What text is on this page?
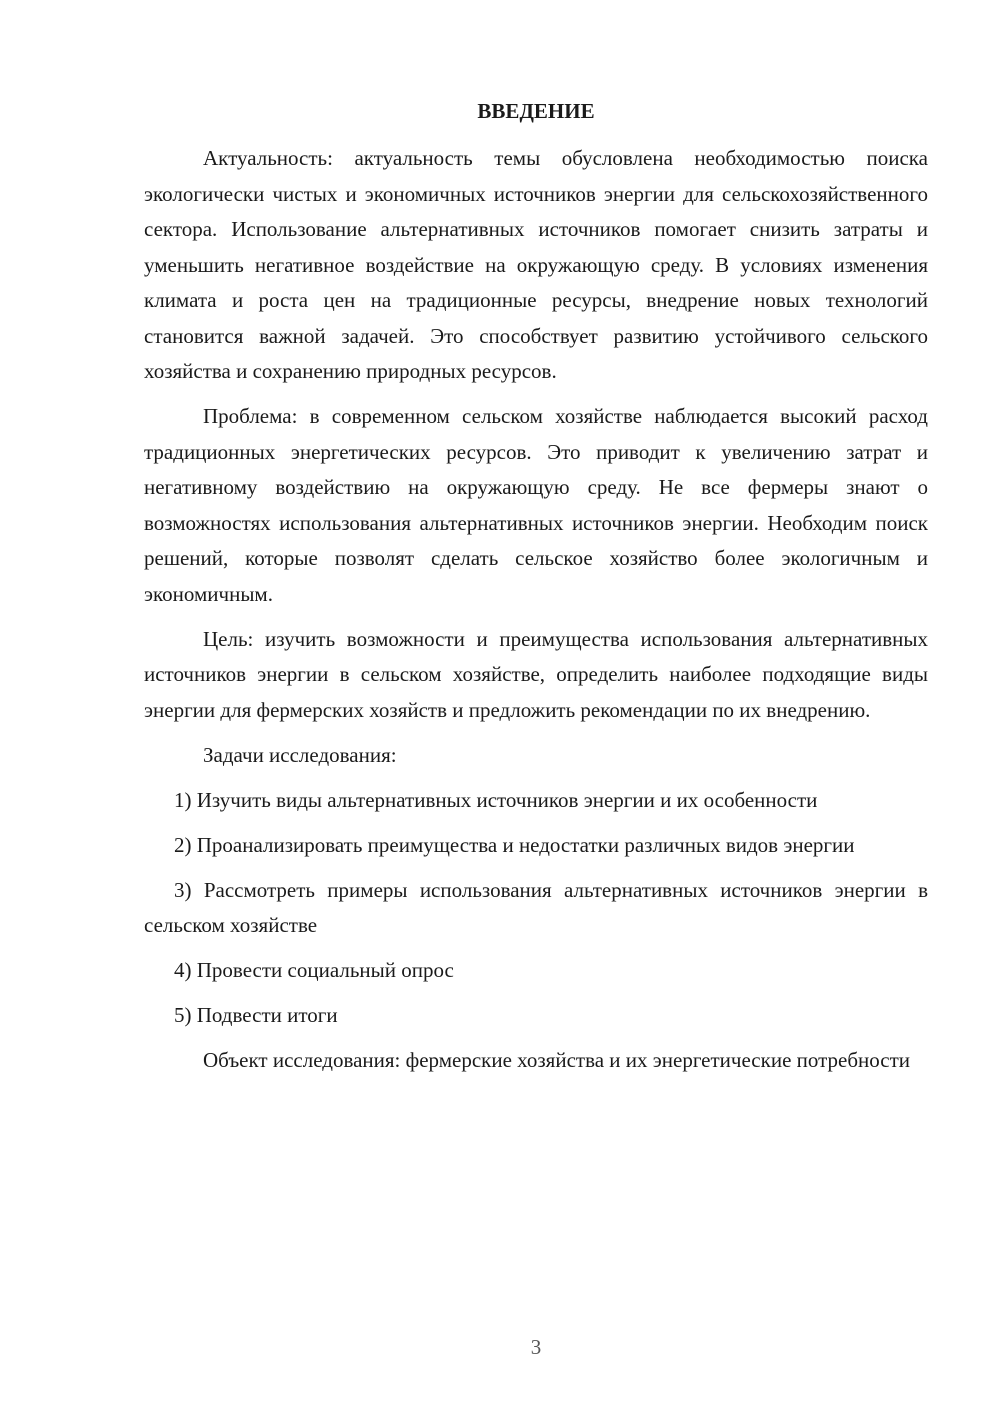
ВВЕДЕНИЕ

Актуальность: актуальность темы обусловлена необходимостью поиска экологически чистых и экономичных источников энергии для сельскохозяйственного сектора. Использование альтернативных источников помогает снизить затраты и уменьшить негативное воздействие на окружающую среду. В условиях изменения климата и роста цен на традиционные ресурсы, внедрение новых технологий становится важной задачей. Это способствует развитию устойчивого сельского хозяйства и сохранению природных ресурсов.

Проблема: в современном сельском хозяйстве наблюдается высокий расход традиционных энергетических ресурсов. Это приводит к увеличению затрат и негативному воздействию на окружающую среду. Не все фермеры знают о возможностях использования альтернативных источников энергии. Необходим поиск решений, которые позволят сделать сельское хозяйство более экологичным и экономичным.

Цель: изучить возможности и преимущества использования альтернативных источников энергии в сельском хозяйстве, определить наиболее подходящие виды энергии для фермерских хозяйств и предложить рекомендации по их внедрению.

Задачи исследования:

1) Изучить виды альтернативных источников энергии и их особенности

2) Проанализировать преимущества и недостатки различных видов энергии

3) Рассмотреть примеры использования альтернативных источников энергии в сельском хозяйстве

4) Провести социальный опрос

5) Подвести итоги

Объект исследования: фермерские хозяйства и их энергетические потребности

3
